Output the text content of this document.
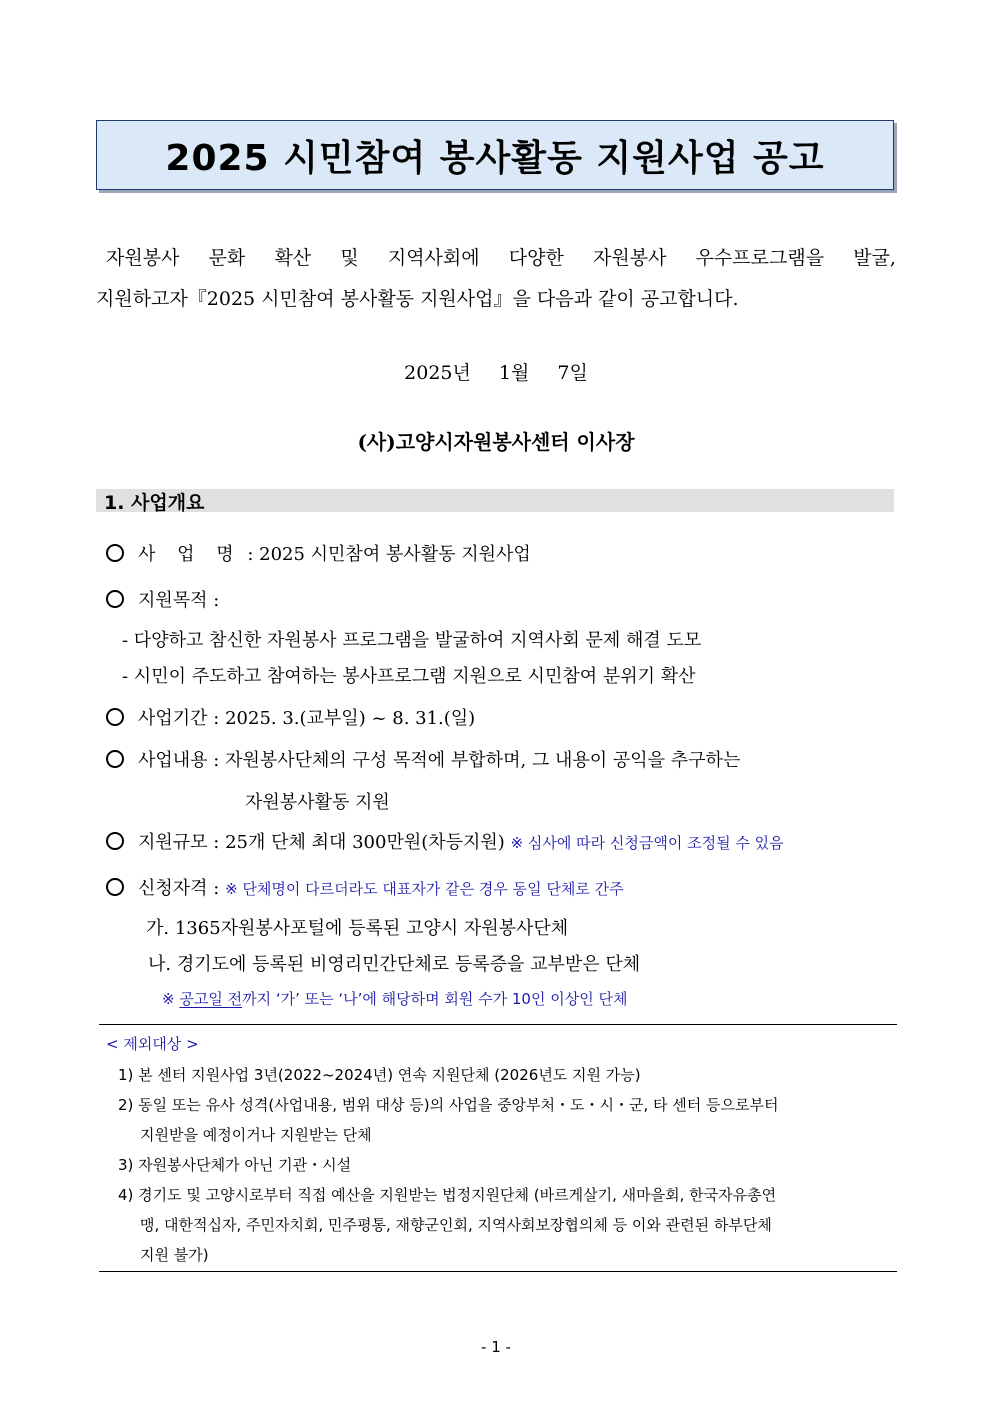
2025 시민참여 봉사활동 지원사업 공고
자원봉사 문화 확산 및 지역사회에 다양한 자원봉사 우수프로그램을 발굴,
지원하고자『2025 시민참여 봉사활동 지원사업』을 다음과 같이 공고합니다.
2025년 1월 7일
(사)고양시자원봉사센터 이사장
1. 사업개요
사 업 명 : 2025 시민참여 봉사활동 지원사업
지원목적 :
- 다양하고 참신한 자원봉사 프로그램을 발굴하여 지역사회 문제 해결 도모
- 시민이 주도하고 참여하는 봉사프로그램 지원으로 시민참여 분위기 확산
사업기간 : 2025. 3.(교부일) ~ 8. 31.(일)
사업내용 : 자원봉사단체의 구성 목적에 부합하며, 그 내용이 공익을 추구하는
자원봉사활동 지원
지원규모 : 25개 단체 최대 300만원(차등지원) ※ 심사에 따라 신청금액이 조정될 수 있음
신청자격 : ※ 단체명이 다르더라도 대표자가 같은 경우 동일 단체로 간주
가. 1365자원봉사포털에 등록된 고양시 자원봉사단체
나. 경기도에 등록된 비영리민간단체로 등록증을 교부받은 단체
※ 공고일 전까지 ‘가’ 또는 ‘나’에 해당하며 회원 수가 10인 이상인 단체
< 제외대상 >
1) 본 센터 지원사업 3년(2022~2024년) 연속 지원단체 (2026년도 지원 가능)
2) 동일 또는 유사 성격(사업내용, 범위 대상 등)의 사업을 중앙부처・도・시・군, 타 센터 등으로부터
지원받을 예정이거나 지원받는 단체
3) 자원봉사단체가 아닌 기관・시설
4) 경기도 및 고양시로부터 직접 예산을 지원받는 법정지원단체 (바르게살기, 새마을회, 한국자유총연
맹, 대한적십자, 주민자치회, 민주평통, 재향군인회, 지역사회보장협의체 등 이와 관련된 하부단체
지원 불가)
- 1 -
